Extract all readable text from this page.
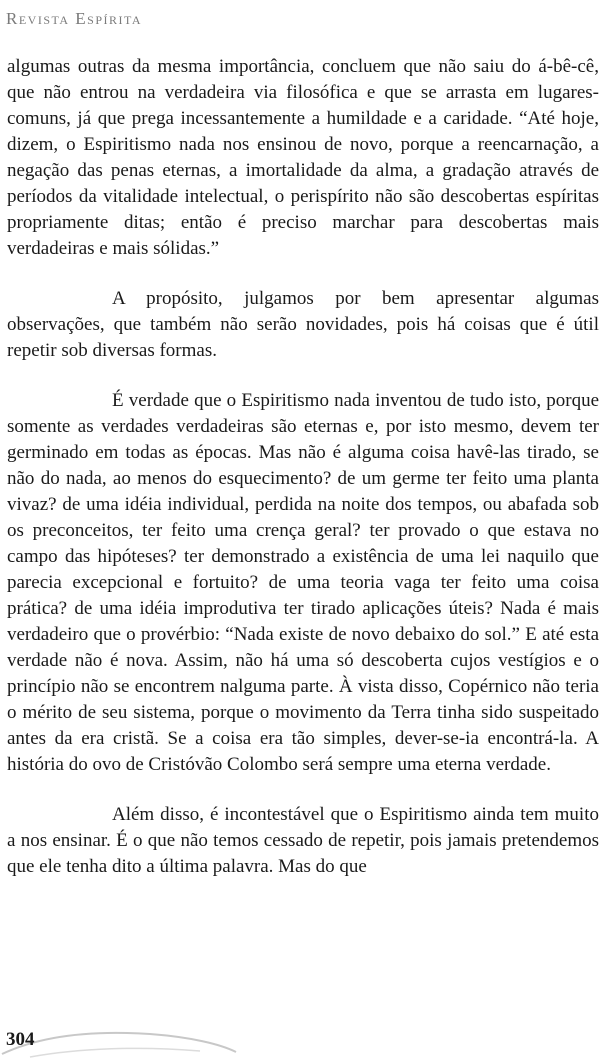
Revista Espírita

algumas outras da mesma importância, concluem que não saiu do á-bê-cê, que não entrou na verdadeira via filosófica e que se arrasta em lugares-comuns, já que prega incessantemente a humildade e a caridade. “Até hoje, dizem, o Espiritismo nada nos ensinou de novo, porque a reencarnação, a negação das penas eternas, a imortalidade da alma, a gradação através de períodos da vitalidade intelectual, o perispírito não são descobertas espíritas propriamente ditas; então é preciso marchar para descobertas mais verdadeiras e mais sólidas.”

A propósito, julgamos por bem apresentar algumas observações, que também não serão novidades, pois há coisas que é útil repetir sob diversas formas.

É verdade que o Espiritismo nada inventou de tudo isto, porque somente as verdades verdadeiras são eternas e, por isto mesmo, devem ter germinado em todas as épocas. Mas não é alguma coisa havê-las tirado, se não do nada, ao menos do esquecimento? de um germe ter feito uma planta vivaz? de uma idéia individual, perdida na noite dos tempos, ou abafada sob os preconceitos, ter feito uma crença geral? ter provado o que estava no campo das hipóteses? ter demonstrado a existência de uma lei naquilo que parecia excepcional e fortuito? de uma teoria vaga ter feito uma coisa prática? de uma idéia improdutiva ter tirado aplicações úteis? Nada é mais verdadeiro que o provérbio: “Nada existe de novo debaixo do sol.” E até esta verdade não é nova. Assim, não há uma só descoberta cujos vestígios e o princípio não se encontrem nalguma parte. À vista disso, Copérnico não teria o mérito de seu sistema, porque o movimento da Terra tinha sido suspeitado antes da era cristã. Se a coisa era tão simples, dever-se-ia encontrá-la. A história do ovo de Cristóvão Colombo será sempre uma eterna verdade.

Além disso, é incontestável que o Espiritismo ainda tem muito a nos ensinar. É o que não temos cessado de repetir, pois jamais pretendemos que ele tenha dito a última palavra. Mas do que

304
